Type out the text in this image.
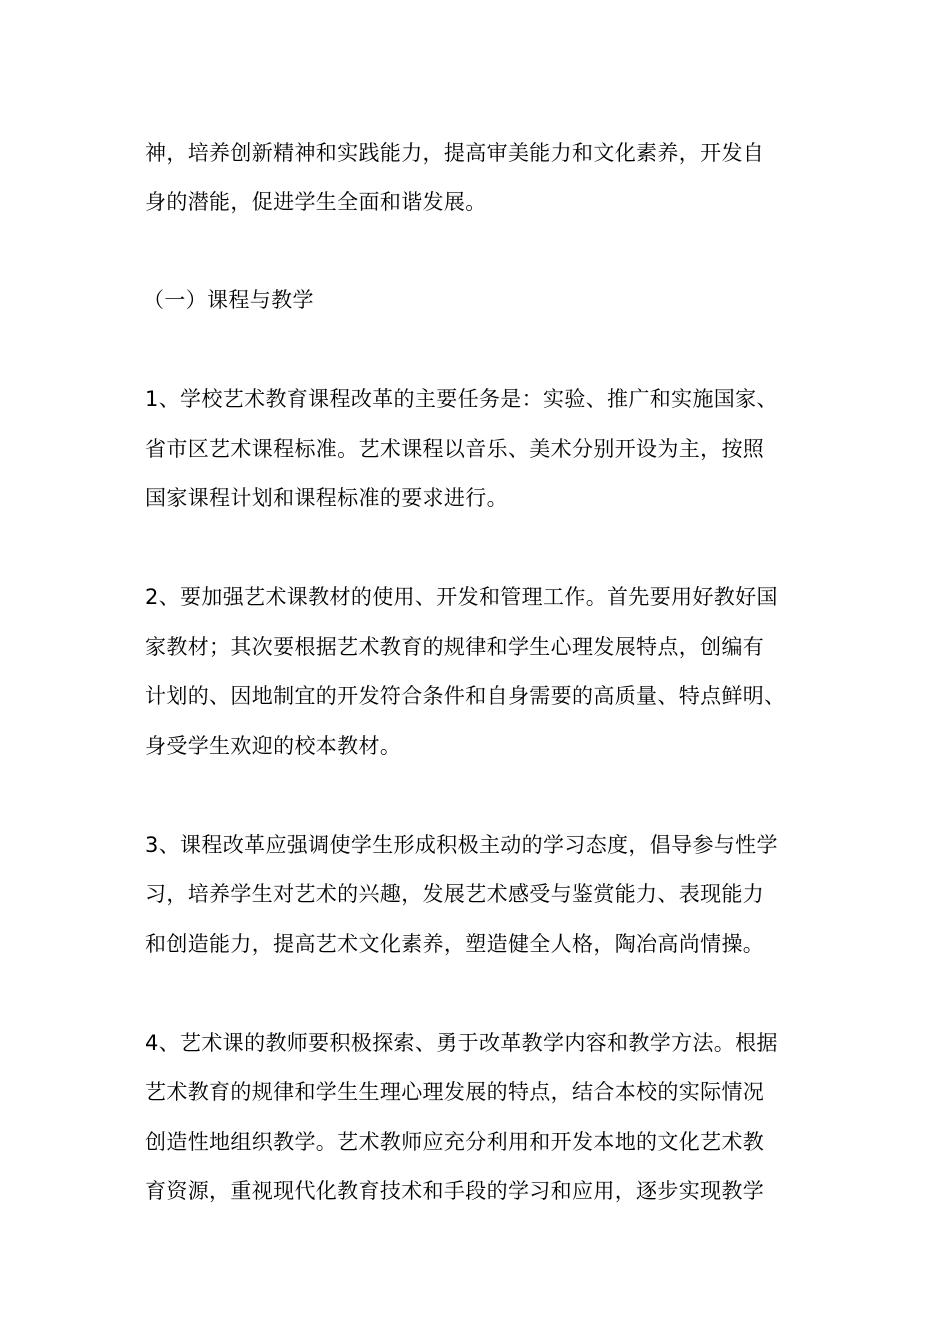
神，培养创新精神和实践能力，提高审美能力和文化素养，开发自
身的潜能，促进学生全面和谐发展。
（一）课程与教学
1、学校艺术教育课程改革的主要任务是：实验、推广和实施国家、
省市区艺术课程标准。艺术课程以音乐、美术分别开设为主，按照
国家课程计划和课程标准的要求进行。
2、要加强艺术课教材的使用、开发和管理工作。首先要用好教好国
家教材；其次要根据艺术教育的规律和学生心理发展特点，创编有
计划的、因地制宜的开发符合条件和自身需要的高质量、特点鲜明、
身受学生欢迎的校本教材。
3、课程改革应强调使学生形成积极主动的学习态度，倡导参与性学
习，培养学生对艺术的兴趣，发展艺术感受与鉴赏能力、表现能力
和创造能力，提高艺术文化素养，塑造健全人格，陶冶高尚情操。
4、艺术课的教师要积极探索、勇于改革教学内容和教学方法。根据
艺术教育的规律和学生生理心理发展的特点，结合本校的实际情况
创造性地组织教学。艺术教师应充分利用和开发本地的文化艺术教
育资源，重视现代化教育技术和手段的学习和应用，逐步实现教学
